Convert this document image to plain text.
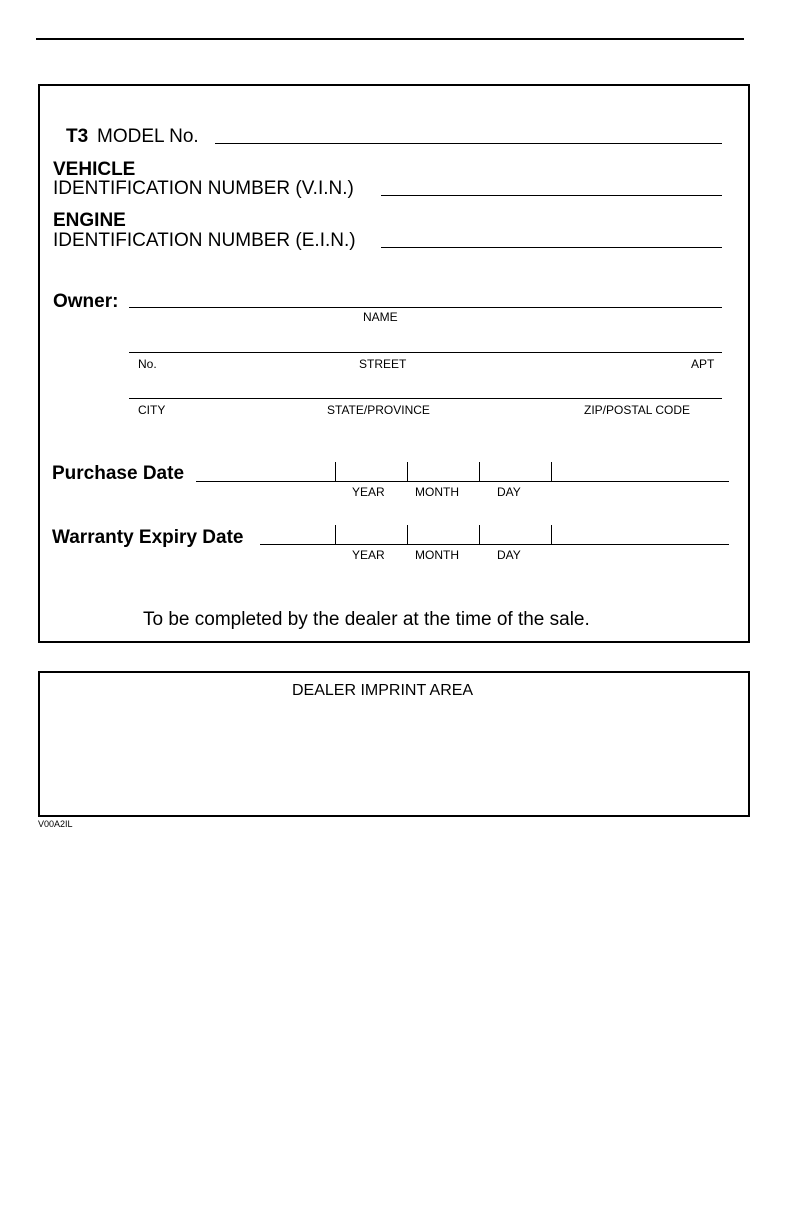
T3 MODEL No.
VEHICLE
IDENTIFICATION NUMBER (V.I.N.)
ENGINE
IDENTIFICATION NUMBER (E.I.N.)
Owner:
NAME
No.	STREET	APT
CITY	STATE/PROVINCE	ZIP/POSTAL CODE
Purchase Date
YEAR	MONTH	DAY
Warranty Expiry Date
YEAR	MONTH	DAY
To be completed by the dealer at the time of the sale.
DEALER IMPRINT AREA
V00A2IL
